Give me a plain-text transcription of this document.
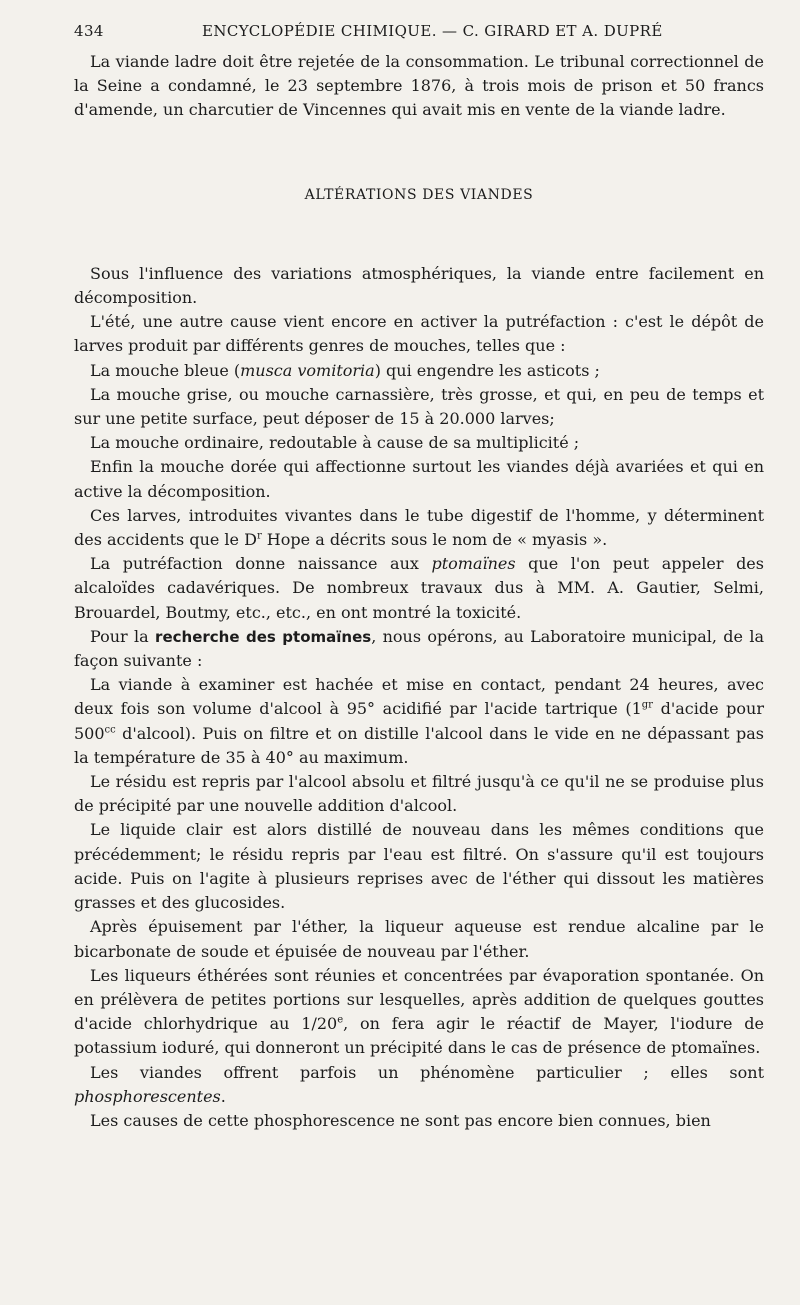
434	ENCYCLOPÉDIE CHIMIQUE. — C. GIRARD ET A. DUPRÉ

La viande ladre doit être rejetée de la consommation. Le tribunal correctionnel de la Seine a condamné, le 23 septembre 1876, à trois mois de prison et 50 francs d'amende, un charcutier de Vincennes qui avait mis en vente de la viande ladre.

ALTÉRATIONS DES VIANDES

Sous l'influence des variations atmosphériques, la viande entre facilement en décomposition.

L'été, une autre cause vient encore en activer la putréfaction : c'est le dépôt de larves produit par différents genres de mouches, telles que :

La mouche bleue (musca vomitoria) qui engendre les asticots ;

La mouche grise, ou mouche carnassière, très grosse, et qui, en peu de temps et sur une petite surface, peut déposer de 15 à 20.000 larves;

La mouche ordinaire, redoutable à cause de sa multiplicité ;

Enfin la mouche dorée qui affectionne surtout les viandes déjà avariées et qui en active la décomposition.

Ces larves, introduites vivantes dans le tube digestif de l'homme, y déterminent des accidents que le $D^r$ Hope a décrits sous le nom de « myasis ».

La putréfaction donne naissance aux ptomaïnes que l'on peut appeler des alcaloïdes cadavériques. De nombreux travaux dus à MM. A. Gautier, Selmi, Brouardel, Boutmy, etc., etc., en ont montré la toxicité.

Pour la recherche des ptomaïnes, nous opérons, au Laboratoire municipal, de la façon suivante :

La viande à examiner est hachée et mise en contact, pendant 24 heures, avec deux fois son volume d'alcool à 95° acidifié par l'acide tartrique ($1^{gr}$ d'acide pour $500^{cc}$ d'alcool). Puis on filtre et on distille l'alcool dans le vide en ne dépassant pas la température de 35 à 40° au maximum.

Le résidu est repris par l'alcool absolu et filtré jusqu'à ce qu'il ne se produise plus de précipité par une nouvelle addition d'alcool.

Le liquide clair est alors distillé de nouveau dans les mêmes conditions que précédemment; le résidu repris par l'eau est filtré. On s'assure qu'il est toujours acide. Puis on l'agite à plusieurs reprises avec de l'éther qui dissout les matières grasses et des glucosides.

Après épuisement par l'éther, la liqueur aqueuse est rendue alcaline par le bicarbonate de soude et épuisée de nouveau par l'éther.

Les liqueurs éthérées sont réunies et concentrées par évaporation spontanée. On en prélèvera de petites portions sur lesquelles, après addition de quelques gouttes d'acide chlorhydrique au 1/20e, on fera agir le réactif de Mayer, l'iodure de potassium ioduré, qui donneront un précipité dans le cas de présence de ptomaïnes.

Les viandes offrent parfois un phénomène particulier ; elles sont phosphorescentes.

Les causes de cette phosphorescence ne sont pas encore bien connues, bien
